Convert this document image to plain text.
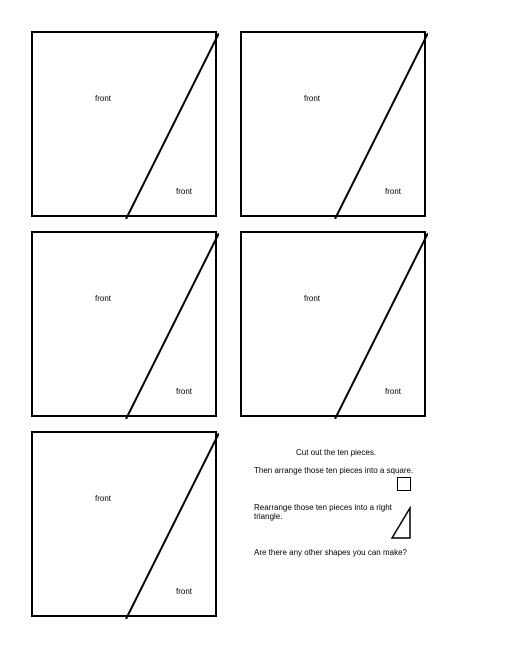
front
front
front
front
front
front
front
front
front
front
Cut out the ten pieces.
Then arrange those ten pieces into a square.
Rearrange those ten pieces into a right triangle.
Are there any other shapes you can make?
